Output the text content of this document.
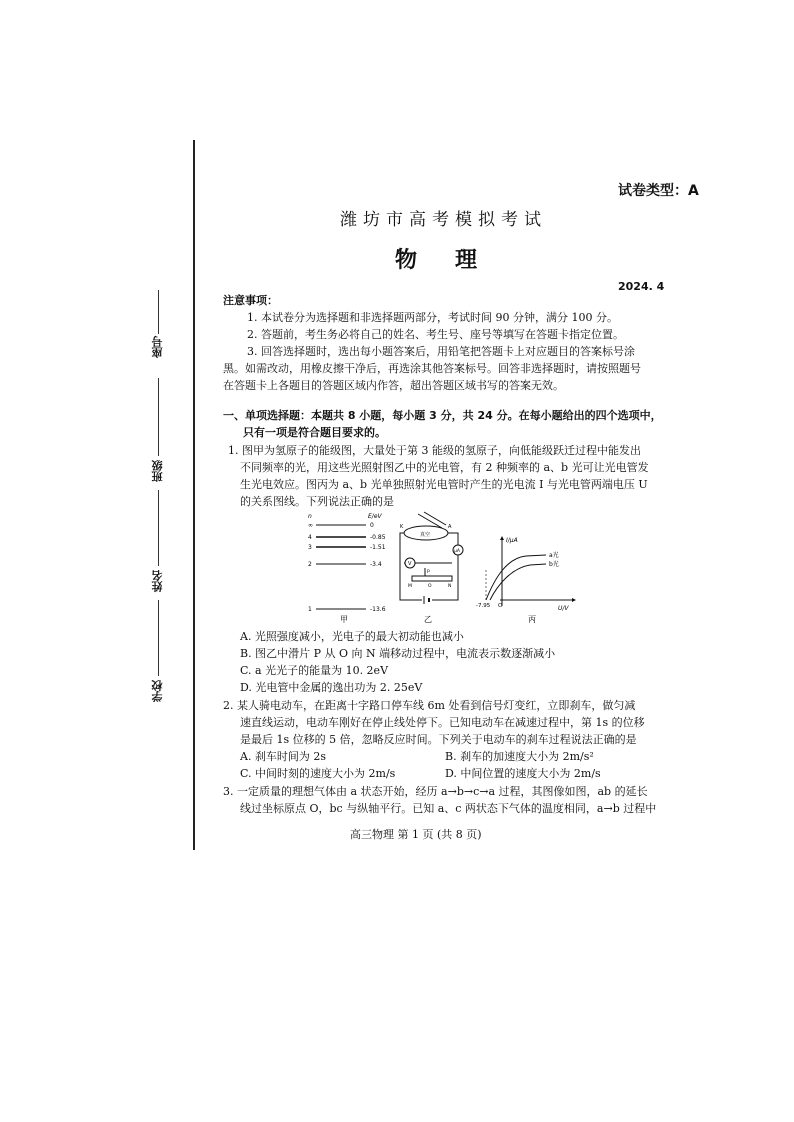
座号
班级
姓名
学校
试卷类型：A
潍坊市高考模拟考试
物　理
2024. 4
注意事项：
1. 本试卷分为选择题和非选择题两部分，考试时间 90 分钟，满分 100 分。
2. 答题前，考生务必将自己的姓名、考生号、座号等填写在答题卡指定位置。
3. 回答选择题时，选出每小题答案后，用铅笔把答题卡上对应题目的答案标号涂
黑。如需改动，用橡皮擦干净后，再选涂其他答案标号。回答非选择题时，请按照题号
在答题卡上各题目的答题区域内作答，超出答题区域书写的答案无效。
一、单项选择题：本题共 8 小题，每小题 3 分，共 24 分。在每小题给出的四个选项中，
只有一项是符合题目要求的。
1. 图甲为氢原子的能级图，大量处于第 3 能级的氢原子，向低能级跃迁过程中能发出
不同频率的光，用这些光照射图乙中的光电管，有 2 种频率的 a、b 光可让光电管发
生光电效应。图丙为 a、b 光单独照射光电管时产生的光电流 I 与光电管两端电压 U
的关系图线。下列说法正确的是
n	E/eV
∞	0
4	-0.85
3	-1.51
2	-3.4
1	-13.6
甲
K	A
真空
μA
V
P
M	O	N
乙
I/μA
U/V
O
-7.95
a光
b光
丙
A. 光照强度减小，光电子的最大初动能也减小
B. 图乙中滑片 P 从 O 向 N 端移动过程中，电流表示数逐渐减小
C. a 光光子的能量为 10. 2eV
D. 光电管中金属的逸出功为 2. 25eV
2. 某人骑电动车，在距离十字路口停车线 6m 处看到信号灯变红，立即刹车，做匀减
速直线运动，电动车刚好在停止线处停下。已知电动车在减速过程中，第 1s 的位移
是最后 1s 位移的 5 倍，忽略反应时间。下列关于电动车的刹车过程说法正确的是
A. 刹车时间为 2s	B. 刹车的加速度大小为 2m/s²
C. 中间时刻的速度大小为 2m/s	D. 中间位置的速度大小为 2m/s
3. 一定质量的理想气体由 a 状态开始，经历 a→b→c→a 过程，其图像如图，ab 的延长
线过坐标原点 O，bc 与纵轴平行。已知 a、c 两状态下气体的温度相同，a→b 过程中
高三物理 第 1 页 (共 8 页)
